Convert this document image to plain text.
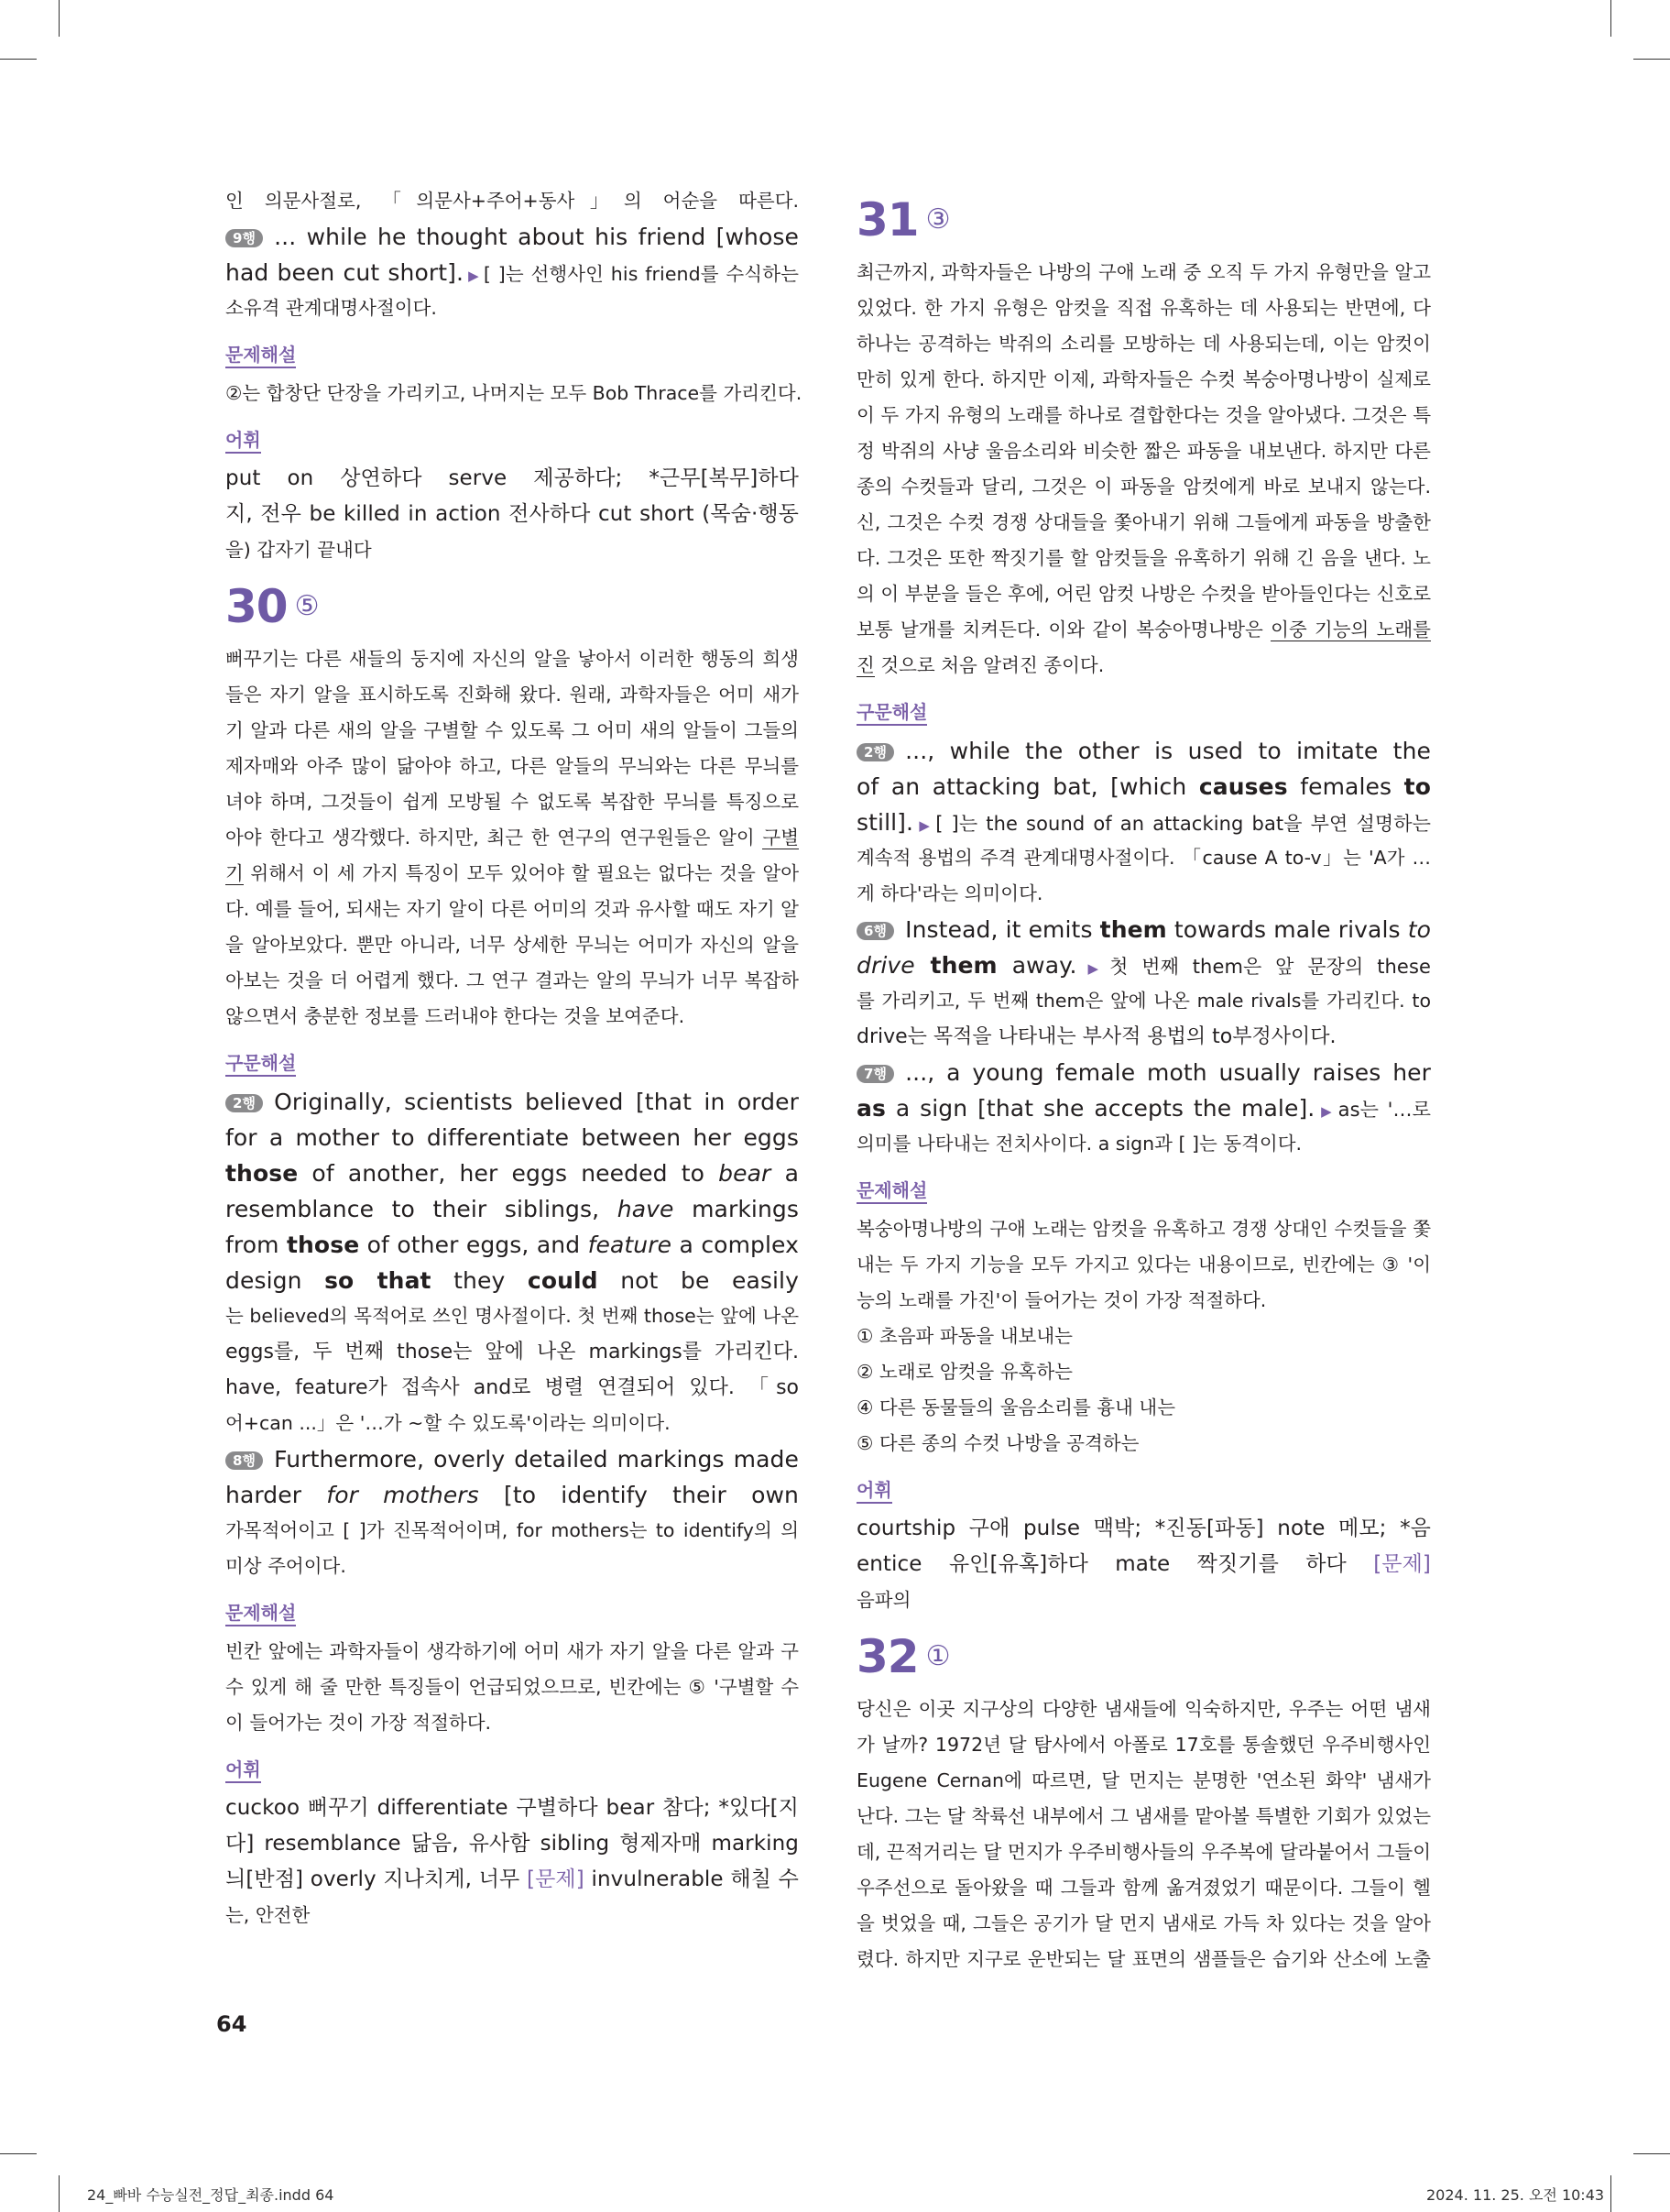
인 의문사절로, 「의문사+주어+동사」의 어순을 따른다.
9행 ... while he thought about his friend [whose
had been cut short]. ▶ [ ]는 선행사인 his friend를 수식하는
소유격 관계대명사절이다.
문제해설
②는 합창단 단장을 가리키고, 나머지는 모두 Bob Thrace를 가리킨다.
어휘
put on 상연하다 serve 제공하다; *근무[복무]하다
지, 전우 be killed in action 전사하다 cut short (목숨·행동
을) 갑자기 끝내다
30 ⑤
뻐꾸기는 다른 새들의 둥지에 자신의 알을 낳아서 이러한 행동의 희생
들은 자기 알을 표시하도록 진화해 왔다. 원래, 과학자들은 어미 새가
기 알과 다른 새의 알을 구별할 수 있도록 그 어미 새의 알들이 그들의
제자매와 아주 많이 닮아야 하고, 다른 알들의 무늬와는 다른 무늬를
녀야 하며, 그것들이 쉽게 모방될 수 없도록 복잡한 무늬를 특징으로
아야 한다고 생각했다. 하지만, 최근 한 연구의 연구원들은 알이 구별
기 위해서 이 세 가지 특징이 모두 있어야 할 필요는 없다는 것을 알아
다. 예를 들어, 되새는 자기 알이 다른 어미의 것과 유사할 때도 자기 알
을 알아보았다. 뿐만 아니라, 너무 상세한 무늬는 어미가 자신의 알을
아보는 것을 더 어렵게 했다. 그 연구 결과는 알의 무늬가 너무 복잡하
않으면서 충분한 정보를 드러내야 한다는 것을 보여준다.
구문해설
2행 Originally, scientists believed [that in order
for a mother to differentiate between her eggs
those of another, her eggs needed to bear a
resemblance to their siblings, have markings
from those of other eggs, and feature a complex
design so that they could not be easily
는 believed의 목적어로 쓰인 명사절이다. 첫 번째 those는 앞에 나온
eggs를, 두 번째 those는 앞에 나온 markings를 가리킨다.
have, feature가 접속사 and로 병렬 연결되어 있다. 「so
어+can ...」은 '…가 ~할 수 있도록'이라는 의미이다.
8행 Furthermore, overly detailed markings made
harder for mothers [to identify their own
가목적어이고 [ ]가 진목적어이며, for mothers는 to identify의 의
미상 주어이다.
문제해설
빈칸 앞에는 과학자들이 생각하기에 어미 새가 자기 알을 다른 알과 구
수 있게 해 줄 만한 특징들이 언급되었으므로, 빈칸에는 ⑤ '구별할 수
이 들어가는 것이 가장 적절하다.
어휘
cuckoo 뻐꾸기 differentiate 구별하다 bear 참다; *있다[지
다] resemblance 닮음, 유사함 sibling 형제자매 marking
늬[반점] overly 지나치게, 너무 [문제] invulnerable 해칠 수
는, 안전한
31 ③
최근까지, 과학자들은 나방의 구애 노래 중 오직 두 가지 유형만을 알고
있었다. 한 가지 유형은 암컷을 직접 유혹하는 데 사용되는 반면에, 다
하나는 공격하는 박쥐의 소리를 모방하는 데 사용되는데, 이는 암컷이
만히 있게 한다. 하지만 이제, 과학자들은 수컷 복숭아명나방이 실제로
이 두 가지 유형의 노래를 하나로 결합한다는 것을 알아냈다. 그것은 특
정 박쥐의 사냥 울음소리와 비슷한 짧은 파동을 내보낸다. 하지만 다른
종의 수컷들과 달리, 그것은 이 파동을 암컷에게 바로 보내지 않는다.
신, 그것은 수컷 경쟁 상대들을 쫓아내기 위해 그들에게 파동을 방출한
다. 그것은 또한 짝짓기를 할 암컷들을 유혹하기 위해 긴 음을 낸다. 노
의 이 부분을 들은 후에, 어린 암컷 나방은 수컷을 받아들인다는 신호로
보통 날개를 치켜든다. 이와 같이 복숭아명나방은 이중 기능의 노래를
진 것으로 처음 알려진 종이다.
구문해설
2행 ..., while the other is used to imitate the
of an attacking bat, [which causes females to
still]. ▶ [ ]는 the sound of an attacking bat을 부연 설명하는
계속적 용법의 주격 관계대명사절이다. 「cause A to-v」는 'A가 …
게 하다'라는 의미이다.
6행 Instead, it emits them towards male rivals to
drive them away. ▶ 첫 번째 them은 앞 문장의 these
를 가리키고, 두 번째 them은 앞에 나온 male rivals를 가리킨다. to
drive는 목적을 나타내는 부사적 용법의 to부정사이다.
7행 ..., a young female moth usually raises her
as a sign [that she accepts the male]. ▶ as는 '…로
의미를 나타내는 전치사이다. a sign과 [ ]는 동격이다.
문제해설
복숭아명나방의 구애 노래는 암컷을 유혹하고 경쟁 상대인 수컷들을 쫓
내는 두 가지 기능을 모두 가지고 있다는 내용이므로, 빈칸에는 ③ '이
능의 노래를 가진'이 들어가는 것이 가장 적절하다.
① 초음파 파동을 내보내는
② 노래로 암컷을 유혹하는
④ 다른 동물들의 울음소리를 흉내 내는
⑤ 다른 종의 수컷 나방을 공격하는
어휘
courtship 구애 pulse 맥박; *진동[파동] note 메모; *음
entice 유인[유혹]하다 mate 짝짓기를 하다 [문제]
음파의
32 ①
당신은 이곳 지구상의 다양한 냄새들에 익숙하지만, 우주는 어떤 냄새
가 날까? 1972년 달 탐사에서 아폴로 17호를 통솔했던 우주비행사인
Eugene Cernan에 따르면, 달 먼지는 분명한 '연소된 화약' 냄새가
난다. 그는 달 착륙선 내부에서 그 냄새를 맡아볼 특별한 기회가 있었는
데, 끈적거리는 달 먼지가 우주비행사들의 우주복에 달라붙어서 그들이
우주선으로 돌아왔을 때 그들과 함께 옮겨졌었기 때문이다. 그들이 헬
을 벗었을 때, 그들은 공기가 달 먼지 냄새로 가득 차 있다는 것을 알아
렸다. 하지만 지구로 운반되는 달 표면의 샘플들은 습기와 산소에 노출
64
24_빠바 수능실전_정답_최종.indd 64	2024. 11. 25. 오전 10:43
